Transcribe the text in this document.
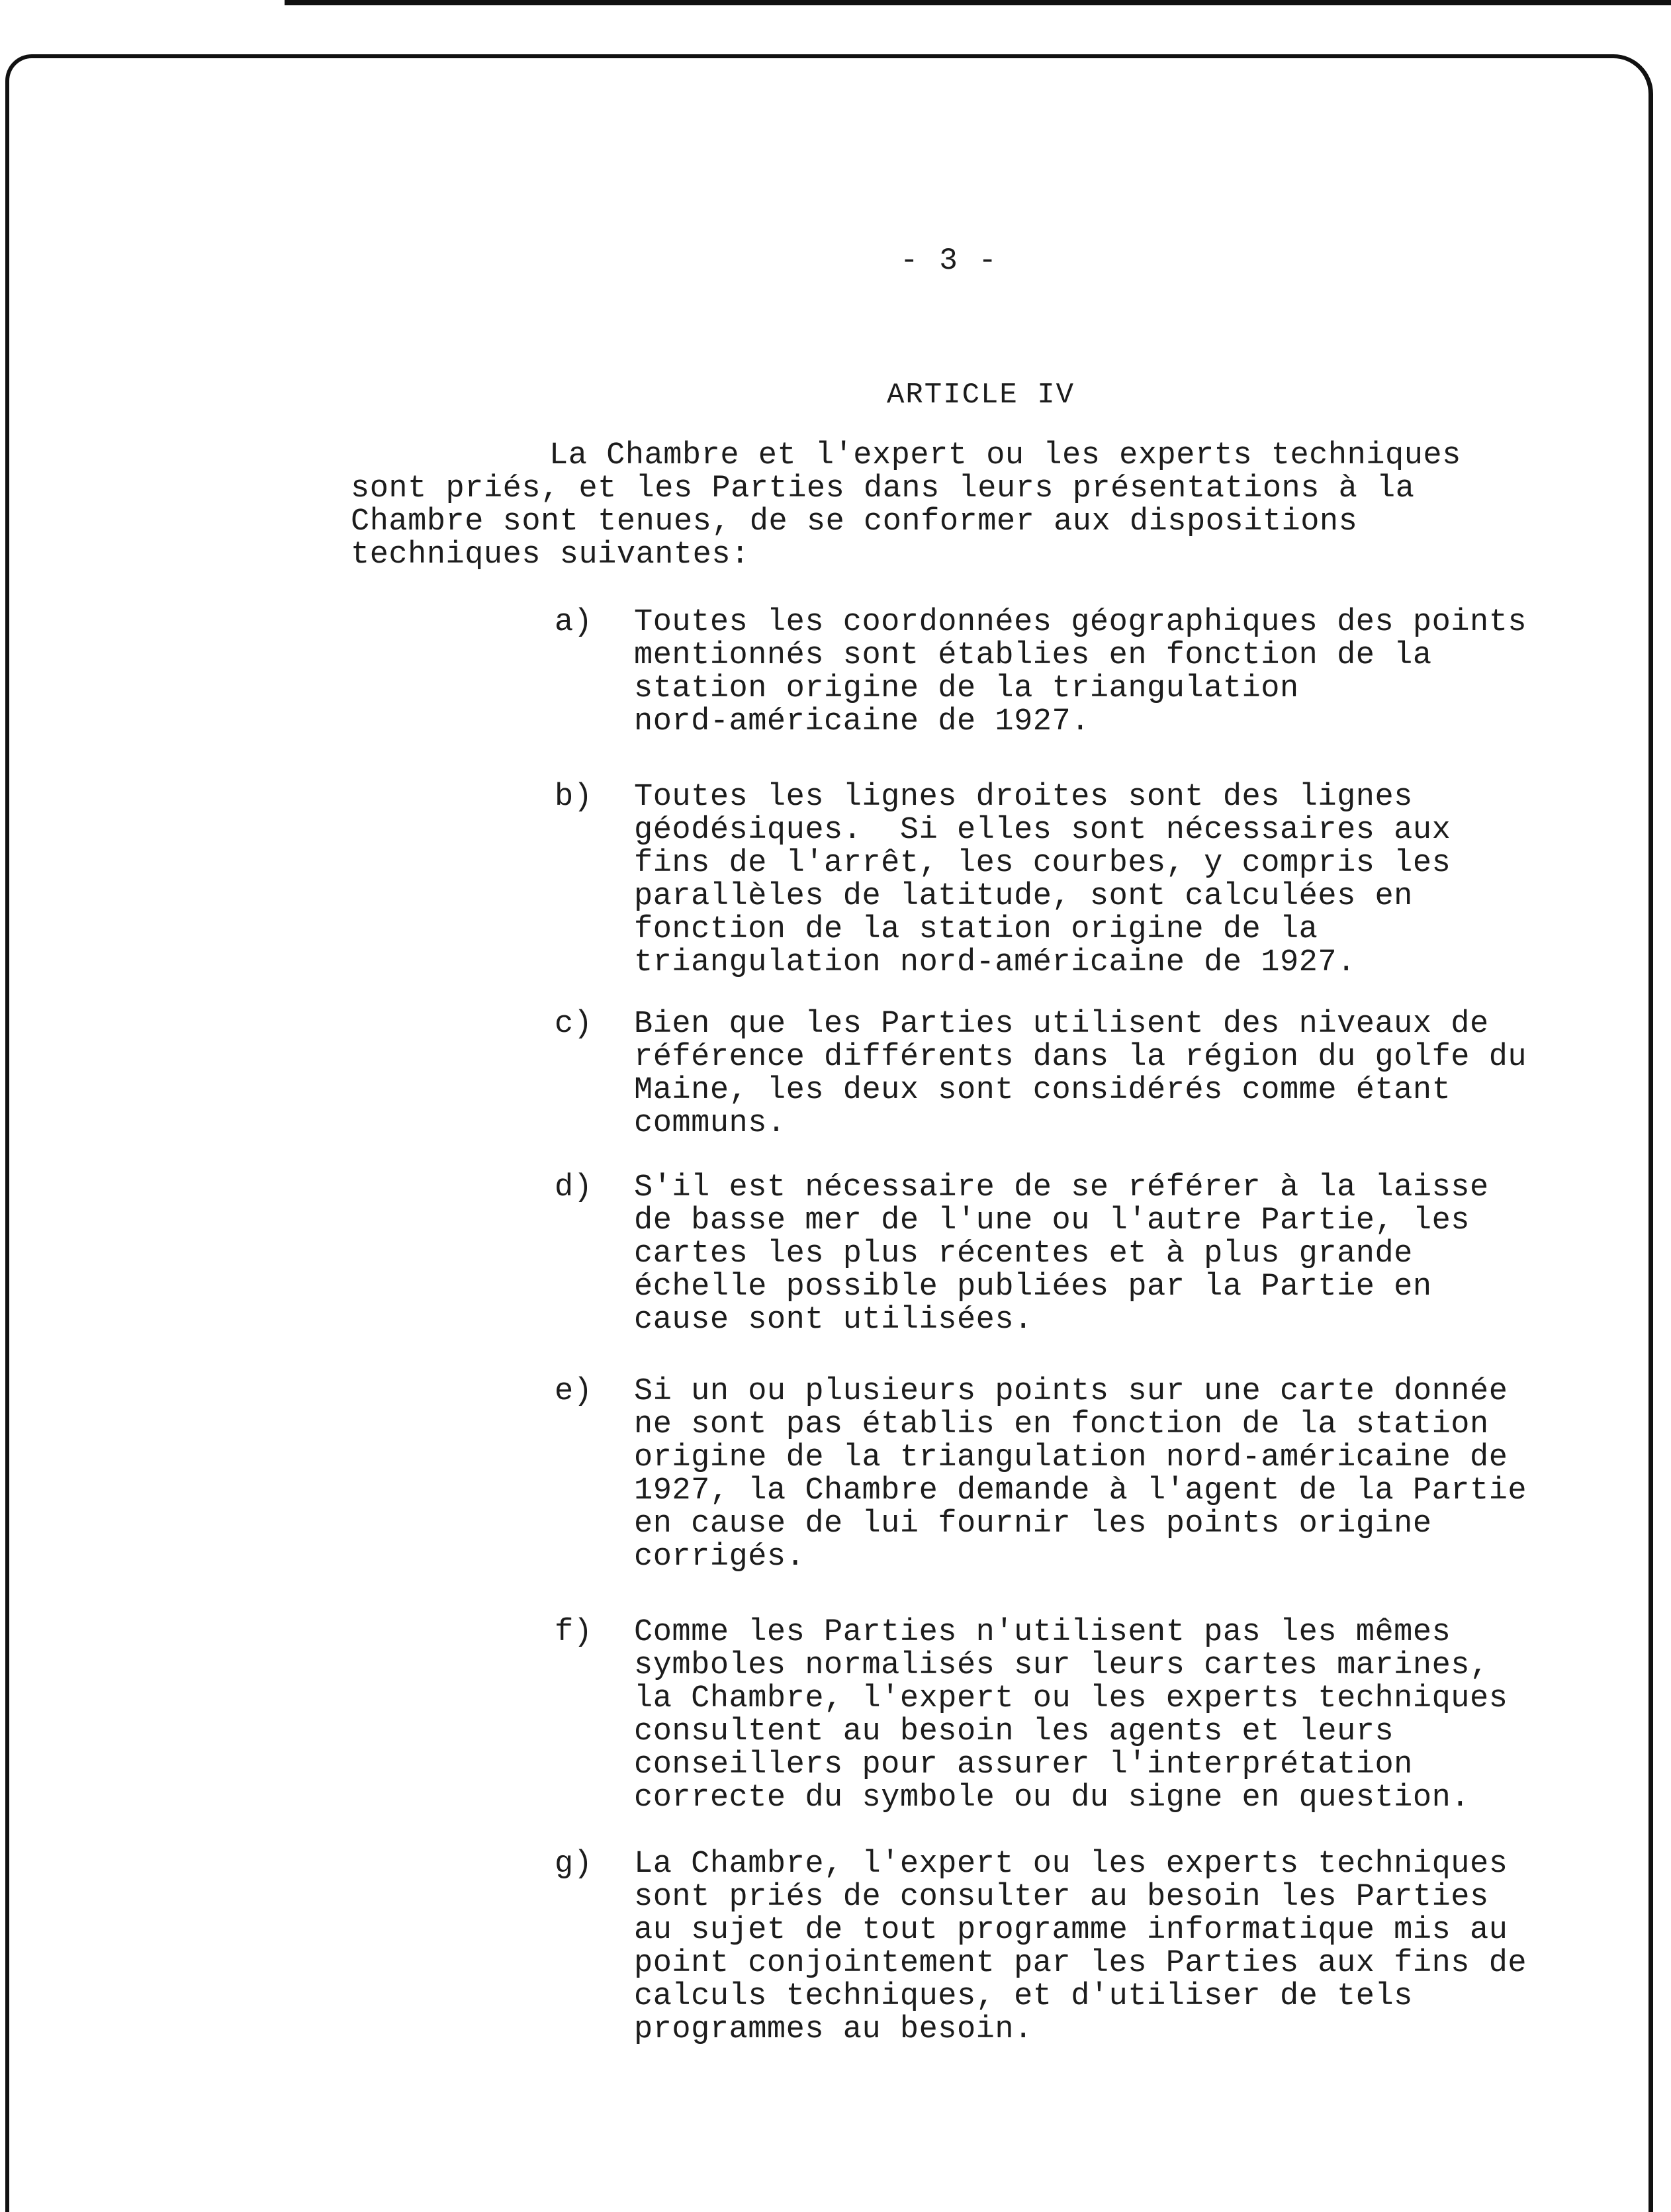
- 3 -
ARTICLE IV
La Chambre et l'expert ou les experts techniques
sont priés, et les Parties dans leurs présentations à la
Chambre sont tenues, de se conformer aux dispositions
techniques suivantes:
a)	Toutes les coordonnées géographiques des points
mentionnés sont établies en fonction de la
station origine de la triangulation
nord-américaine de 1927.
b)	Toutes les lignes droites sont des lignes
géodésiques.  Si elles sont nécessaires aux
fins de l'arrêt, les courbes, y compris les
parallèles de latitude, sont calculées en
fonction de la station origine de la
triangulation nord-américaine de 1927.
c)	Bien que les Parties utilisent des niveaux de
référence différents dans la région du golfe du
Maine, les deux sont considérés comme étant
communs.
d)	S'il est nécessaire de se référer à la laisse
de basse mer de l'une ou l'autre Partie, les
cartes les plus récentes et à plus grande
échelle possible publiées par la Partie en
cause sont utilisées.
e)	Si un ou plusieurs points sur une carte donnée
ne sont pas établis en fonction de la station
origine de la triangulation nord-américaine de
1927, la Chambre demande à l'agent de la Partie
en cause de lui fournir les points origine
corrigés.
f)	Comme les Parties n'utilisent pas les mêmes
symboles normalisés sur leurs cartes marines,
la Chambre, l'expert ou les experts techniques
consultent au besoin les agents et leurs
conseillers pour assurer l'interprétation
correcte du symbole ou du signe en question.
g)	La Chambre, l'expert ou les experts techniques
sont priés de consulter au besoin les Parties
au sujet de tout programme informatique mis au
point conjointement par les Parties aux fins de
calculs techniques, et d'utiliser de tels
programmes au besoin.
